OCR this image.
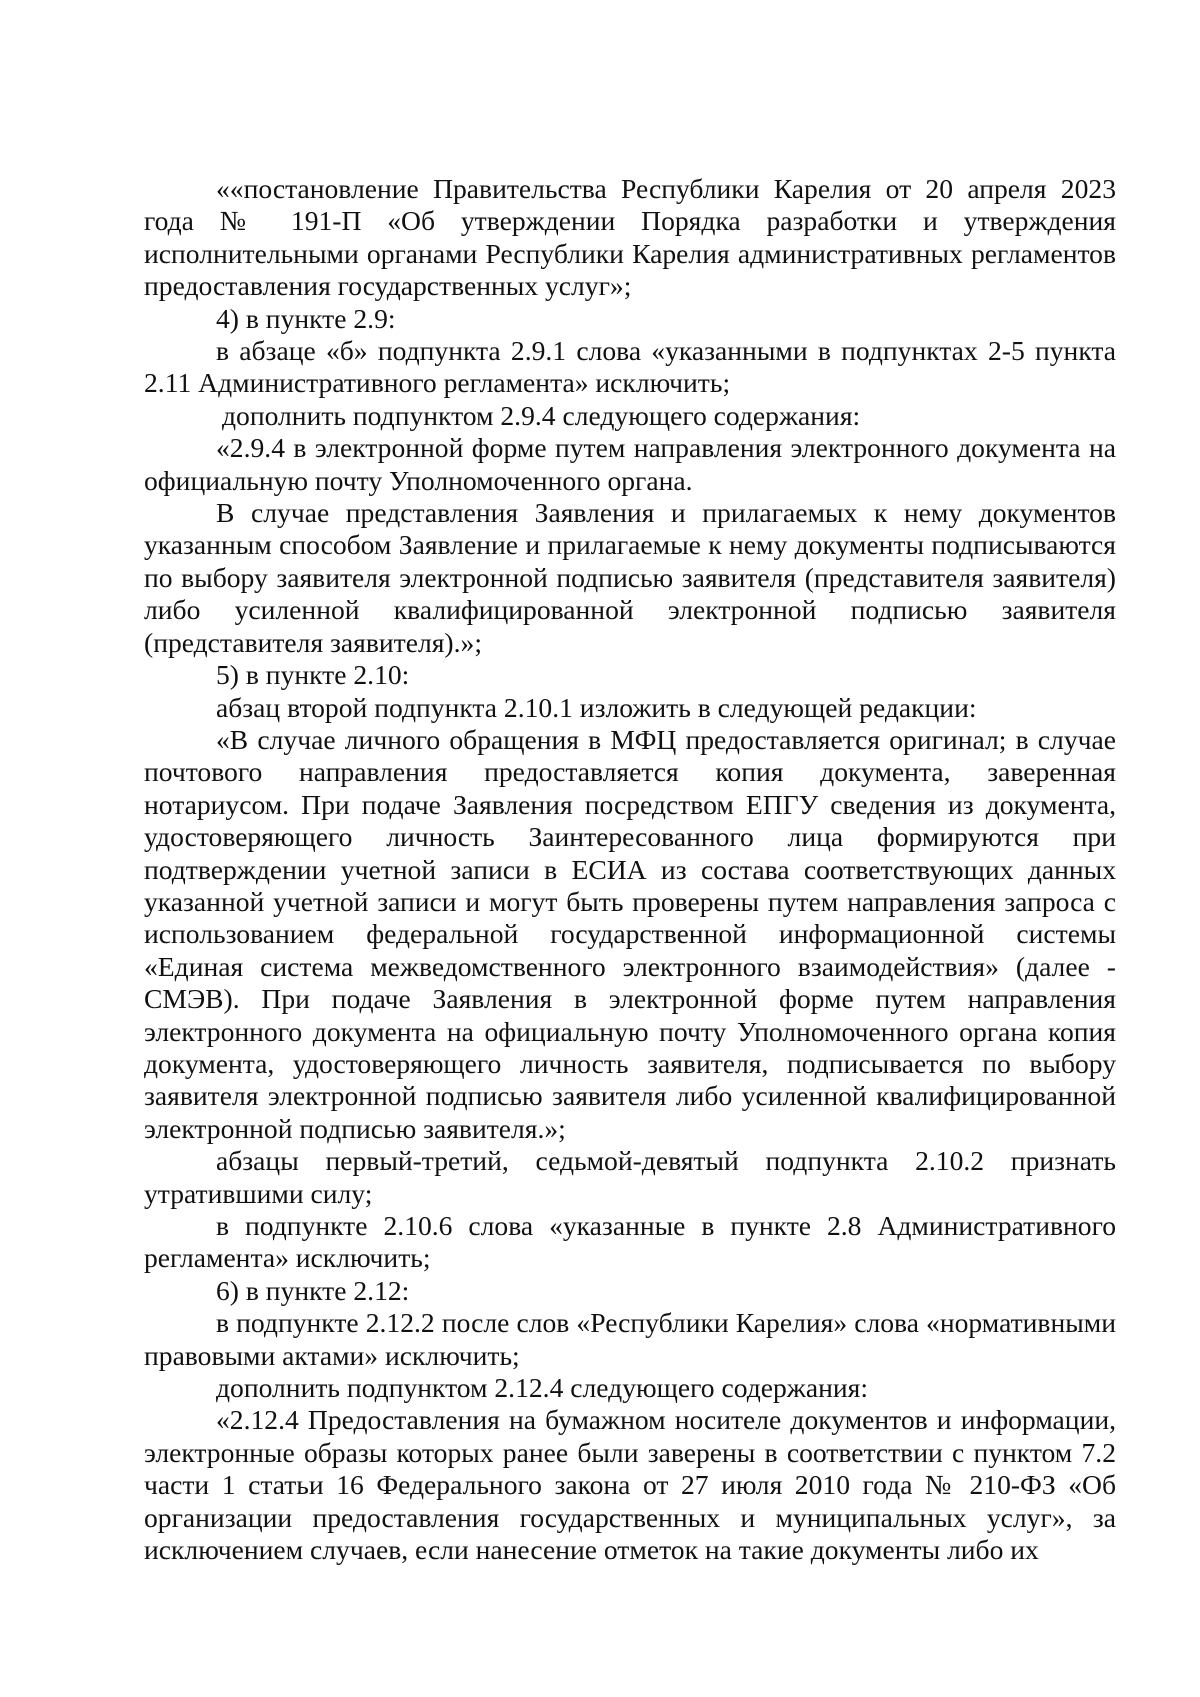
««постановление Правительства Республики Карелия от 20 апреля 2023 года № 191-П «Об утверждении Порядка разработки и утверждения исполнительными органами Республики Карелия административных регламентов предоставления государственных услуг»;

4) в пункте 2.9:

в абзаце «б» подпункта 2.9.1 слова «указанными в подпунктах 2-5 пункта 2.11 Административного регламента» исключить;

дополнить подпунктом 2.9.4 следующего содержания:

«2.9.4 в электронной форме путем направления электронного документа на официальную почту Уполномоченного органа.

В случае представления Заявления и прилагаемых к нему документов указанным способом Заявление и прилагаемые к нему документы подписываются по выбору заявителя электронной подписью заявителя (представителя заявителя) либо усиленной квалифицированной электронной подписью заявителя (представителя заявителя).»;

5) в пункте 2.10:

абзац второй подпункта 2.10.1 изложить в следующей редакции:

«В случае личного обращения в МФЦ предоставляется оригинал; в случае почтового направления предоставляется копия документа, заверенная нотариусом. При подаче Заявления посредством ЕПГУ сведения из документа, удостоверяющего личность Заинтересованного лица формируются при подтверждении учетной записи в ЕСИА из состава соответствующих данных указанной учетной записи и могут быть проверены путем направления запроса с использованием федеральной государственной информационной системы «Единая система межведомственного электронного взаимодействия» (далее - СМЭВ). При подаче Заявления в электронной форме путем направления электронного документа на официальную почту Уполномоченного органа копия документа, удостоверяющего личность заявителя, подписывается по выбору заявителя электронной подписью заявителя либо усиленной квалифицированной электронной подписью заявителя.»;

абзацы первый-третий, седьмой-девятый подпункта 2.10.2 признать утратившими силу;

в подпункте 2.10.6 слова «указанные в пункте 2.8 Административного регламента» исключить;

6) в пункте 2.12:

в подпункте 2.12.2 после слов «Республики Карелия» слова «нормативными правовыми актами» исключить;

дополнить подпунктом 2.12.4 следующего содержания:

«2.12.4 Предоставления на бумажном носителе документов и информации, электронные образы которых ранее были заверены в соответствии с пунктом 7.2 части 1 статьи 16 Федерального закона от 27 июля 2010 года № 210-ФЗ «Об организации предоставления государственных и муниципальных услуг», за исключением случаев, если нанесение отметок на такие документы либо их
